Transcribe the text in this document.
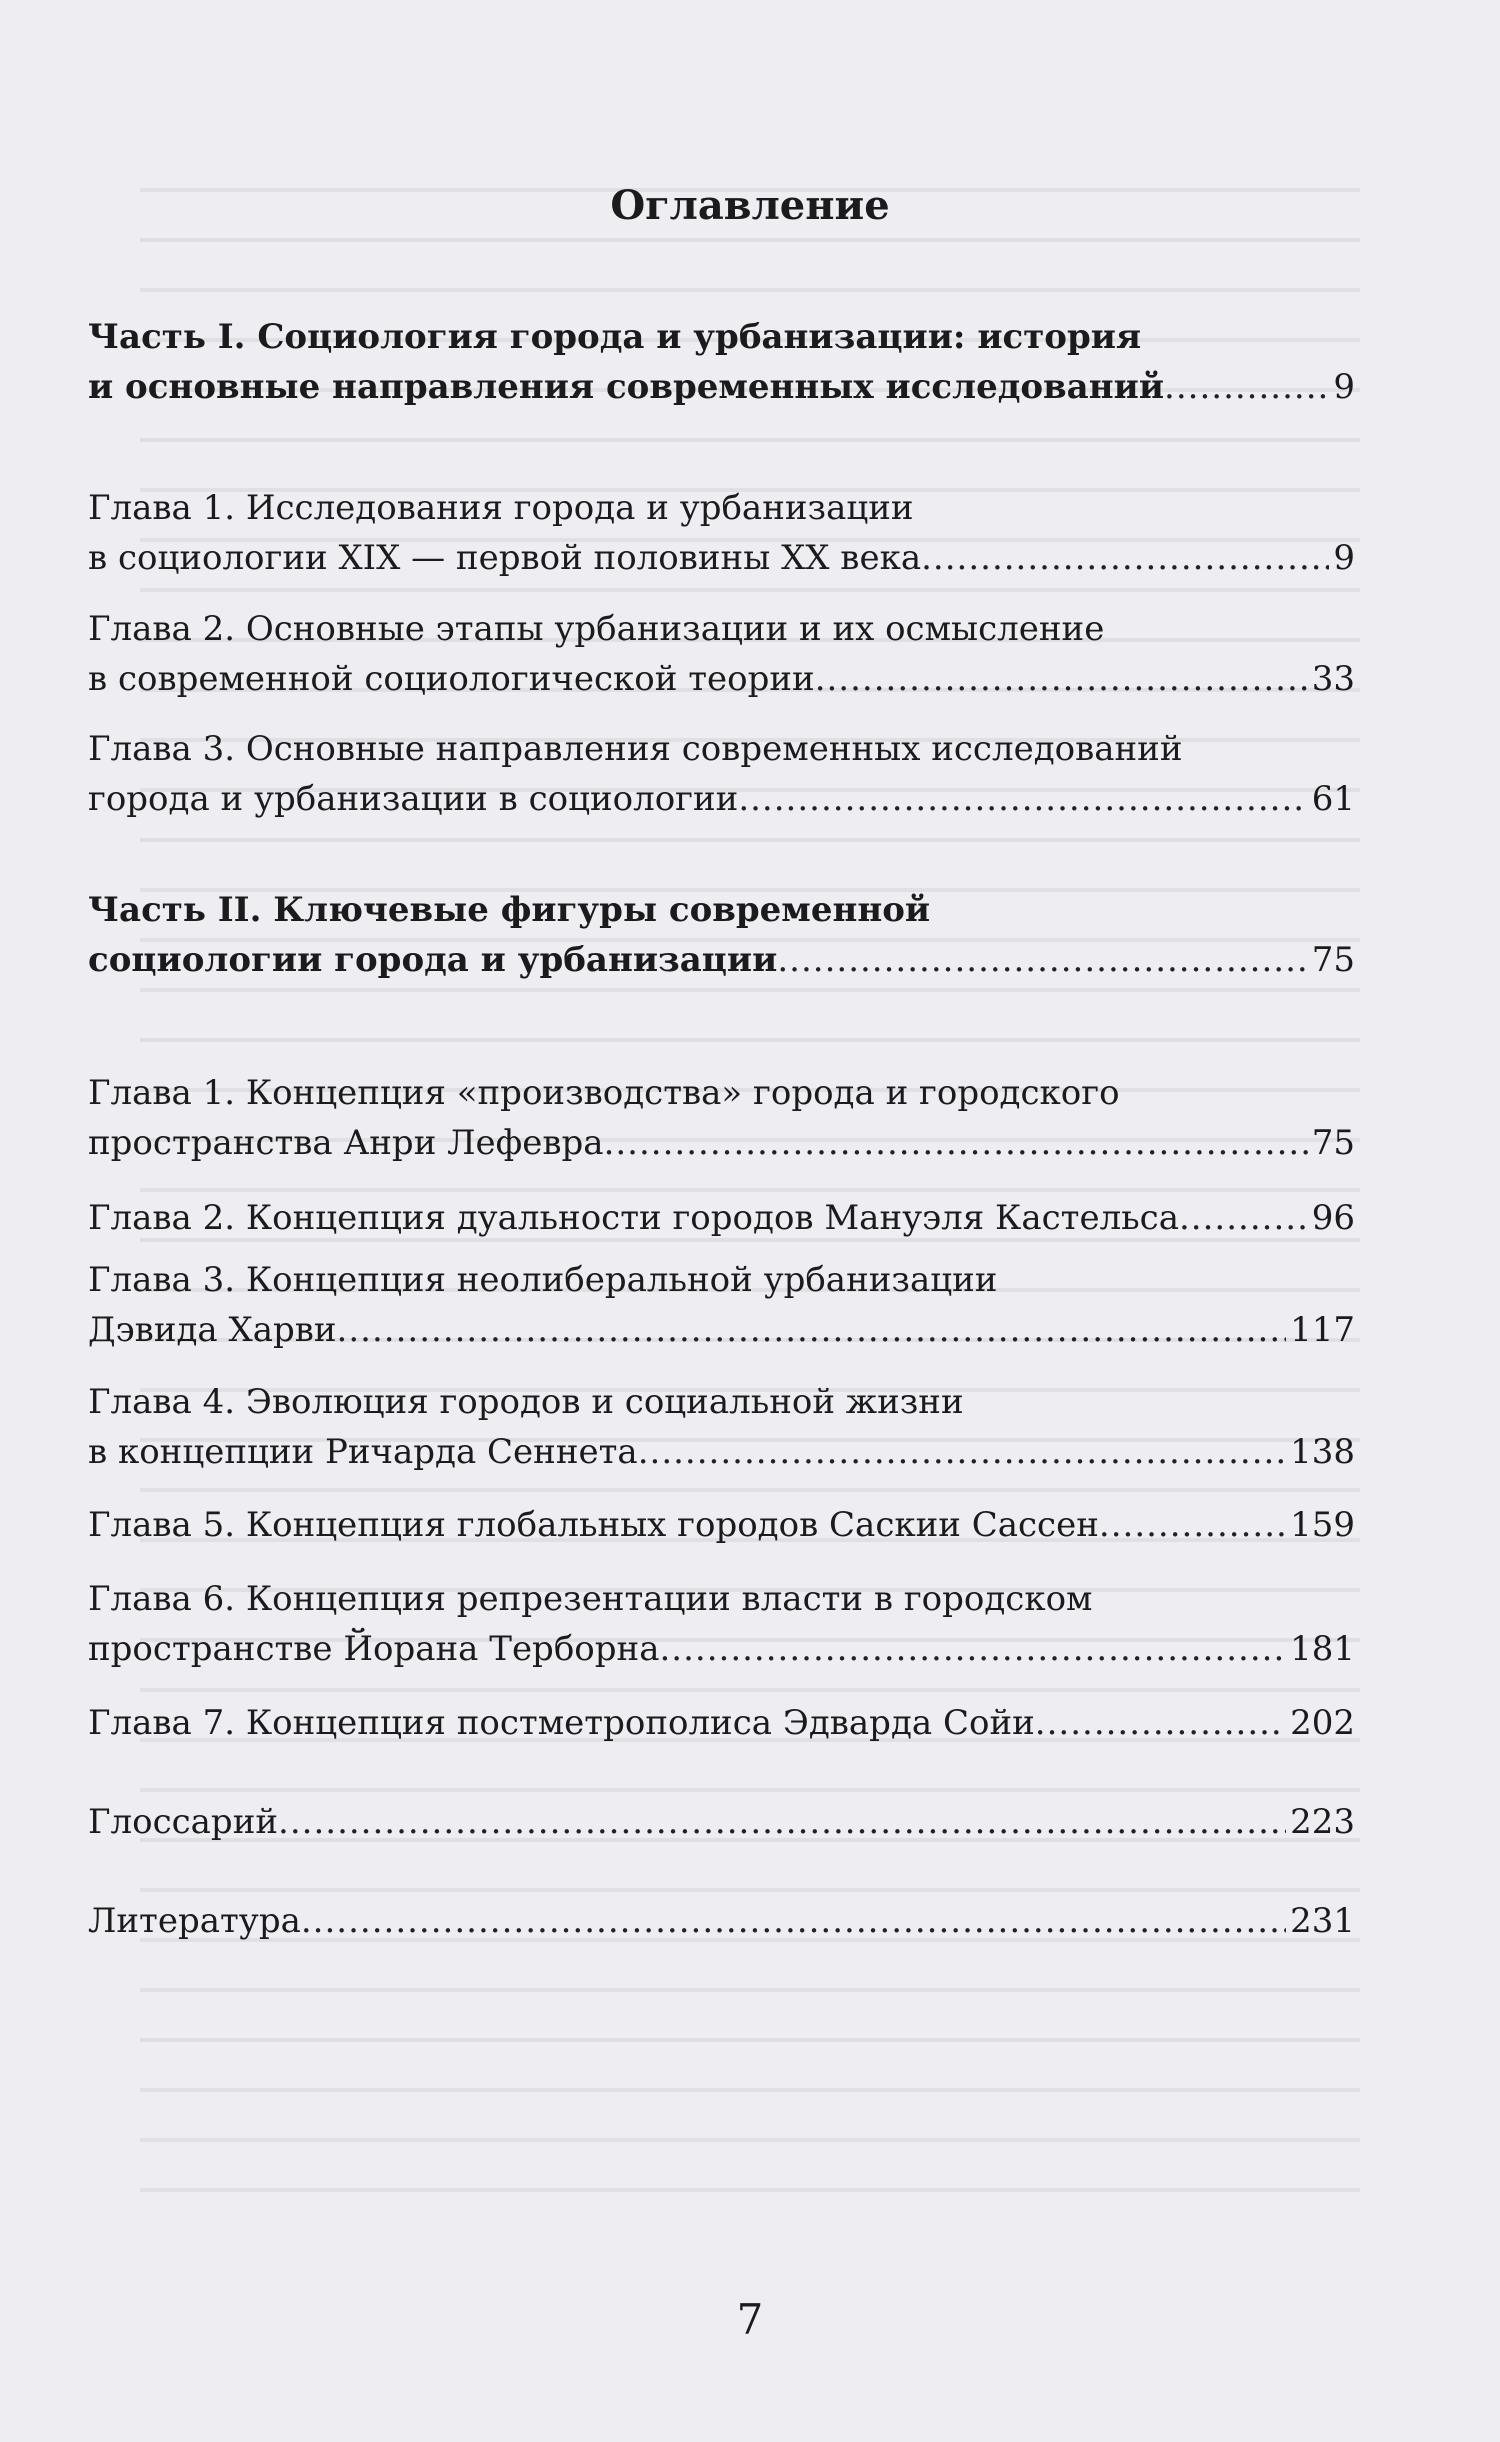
Оглавление
Часть I. Социология города и урбанизации: история
и основные направления современных исследований .....	9
Глава 1. Исследования города и урбанизации
в социологии XIX — первой половины XX века .....	9
Глава 2. Основные этапы урбанизации и их осмысление
в современной социологической теории .....	33
Глава 3. Основные направления современных исследований
города и урбанизации в социологии .....	61
Часть II. Ключевые фигуры современной
социологии города и урбанизации .....	75
Глава 1. Концепция «производства» города и городского
пространства Анри Лефевра .....	75
Глава 2. Концепция дуальности городов Мануэля Кастельса .....	96
Глава 3. Концепция неолиберальной урбанизации
Дэвида Харви .....	117
Глава 4. Эволюция городов и социальной жизни
в концепции Ричарда Сеннета .....	138
Глава 5. Концепция глобальных городов Саскии Сассен .....	159
Глава 6. Концепция репрезентации власти в городском
пространстве Йорана Терборна .....	181
Глава 7. Концепция постметрополиса Эдварда Сойи .....	202
Глоссарий .....	223
Литература .....	231
7
